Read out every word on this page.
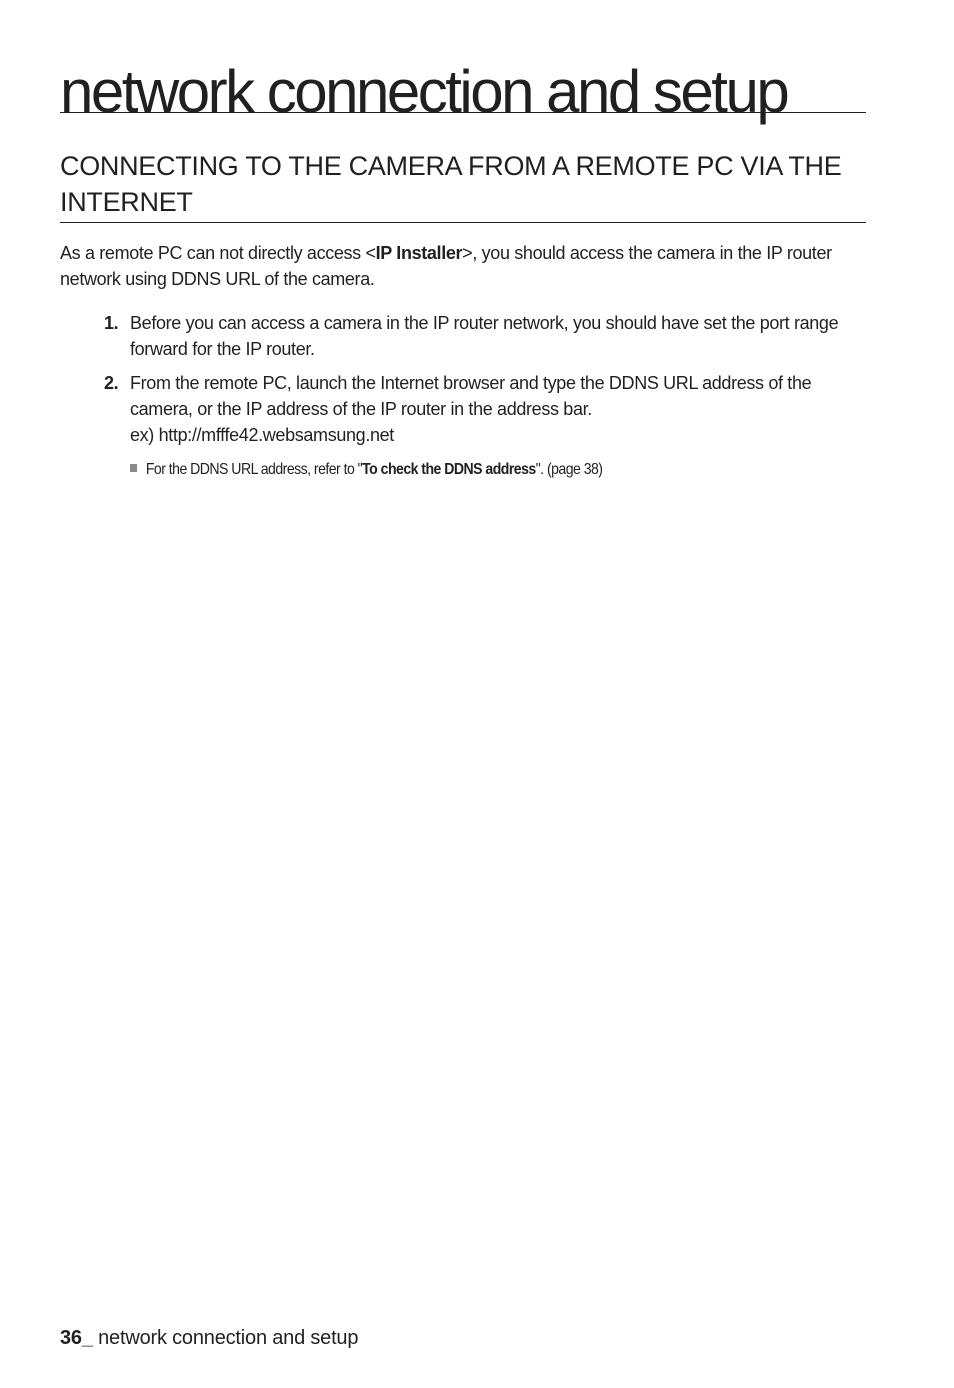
network connection and setup
CONNECTING TO THE CAMERA FROM A REMOTE PC VIA THE INTERNET

As a remote PC can not directly access <IP Installer>, you should access the camera in the IP router network using DDNS URL of the camera.

1. Before you can access a camera in the IP router network, you should have set the port range forward for the IP router.
2. From the remote PC, launch the Internet browser and type the DDNS URL address of the camera, or the IP address of the IP router in the address bar.
ex) http://mfffe42.websamsung.net
For the DDNS URL address, refer to "To check the DDNS address". (page 38)
36_ network connection and setup
